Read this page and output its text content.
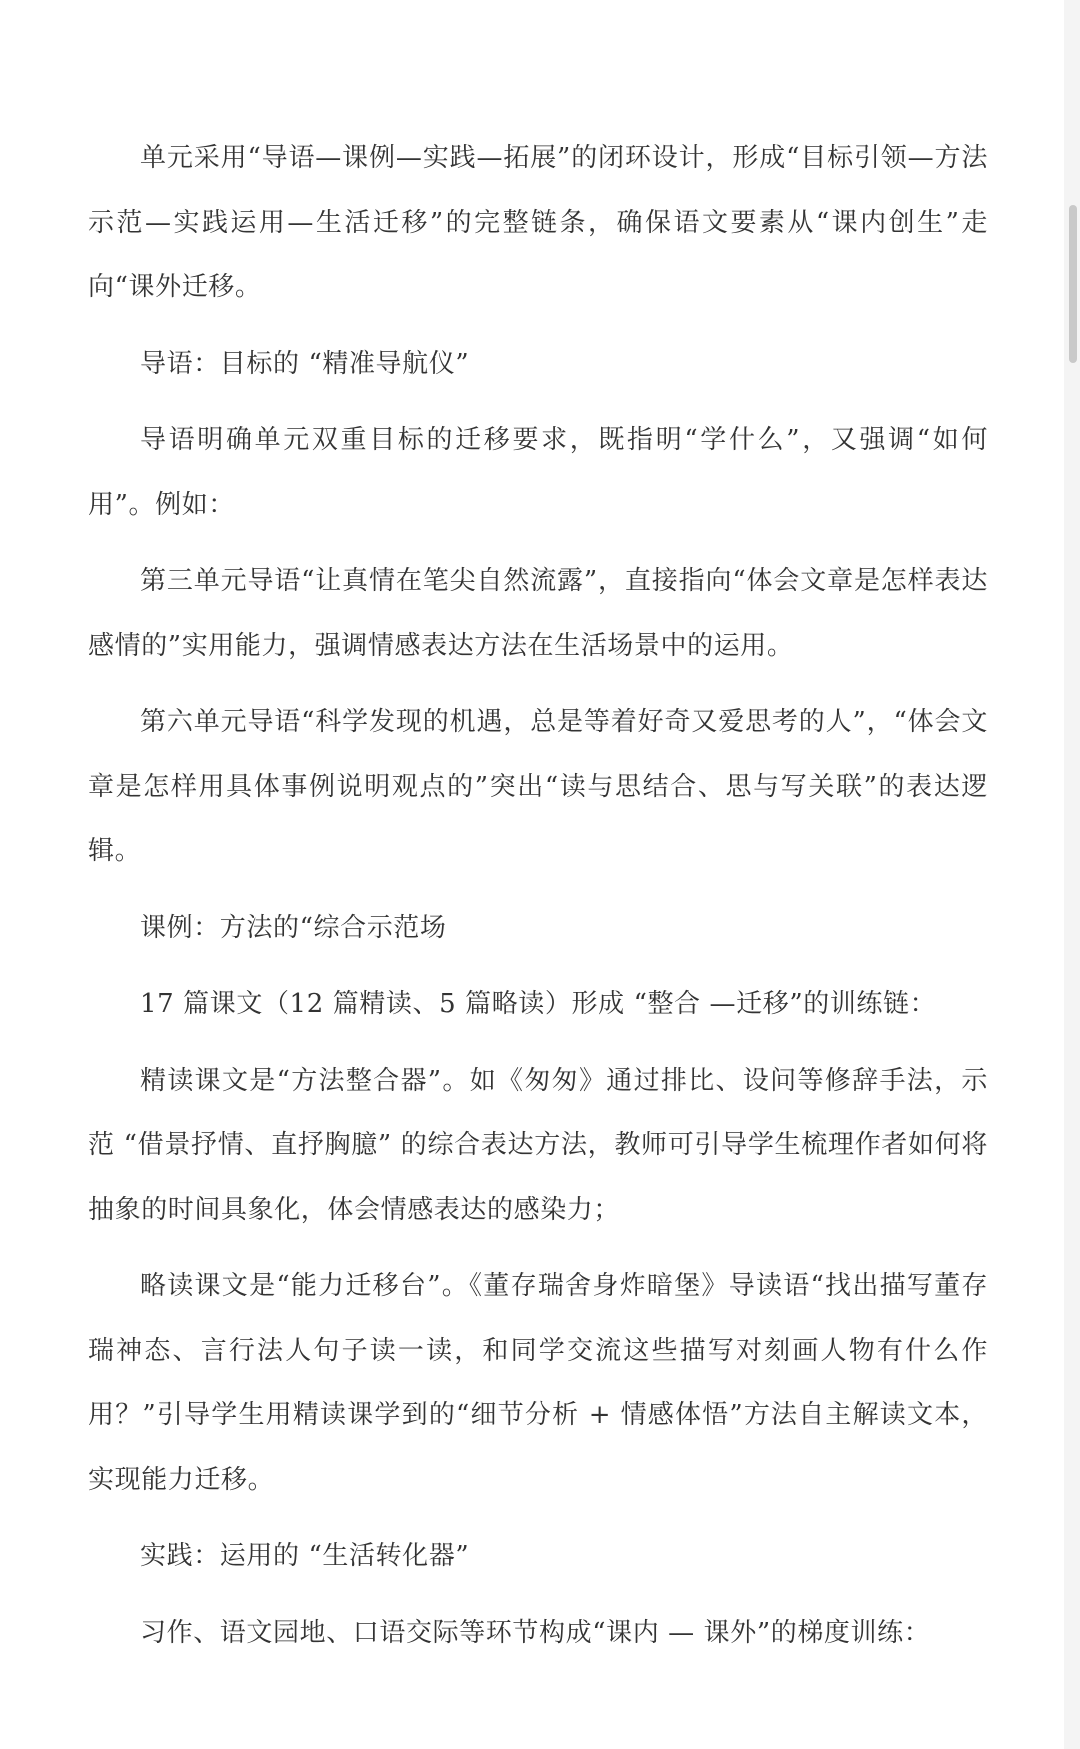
单元采用“导语—课例—实践—拓展”的闭环设计，形成“目标引领—方法示范—实践运用—生活迁移”的完整链条，确保语文要素从“课内创生”走向“课外迁移。

导语：目标的 “精准导航仪”

导语明确单元双重目标的迁移要求，既指明“学什么”，又强调“如何用”。例如：

第三单元导语“让真情在笔尖自然流露”，直接指向“体会文章是怎样表达感情的”实用能力，强调情感表达方法在生活场景中的运用。

第六单元导语“科学发现的机遇，总是等着好奇又爱思考的人”，“体会文章是怎样用具体事例说明观点的”突出“读与思结合、思与写关联”的表达逻辑。

课例：方法的“综合示范场

17 篇课文（12 篇精读、5 篇略读）形成 “整合 —迁移”的训练链：

精读课文是“方法整合器”。如《匆匆》通过排比、设问等修辞手法，示范 “借景抒情、直抒胸臆” 的综合表达方法，教师可引导学生梳理作者如何将抽象的时间具象化，体会情感表达的感染力；

略读课文是“能力迁移台”。《董存瑞舍身炸暗堡》导读语“找出描写董存瑞神态、言行法人句子读一读，和同学交流这些描写对刻画人物有什么作用？”引导学生用精读课学到的“细节分析 + 情感体悟”方法自主解读文本，实现能力迁移。

实践：运用的 “生活转化器”

习作、语文园地、口语交际等环节构成“课内 — 课外”的梯度训练：
